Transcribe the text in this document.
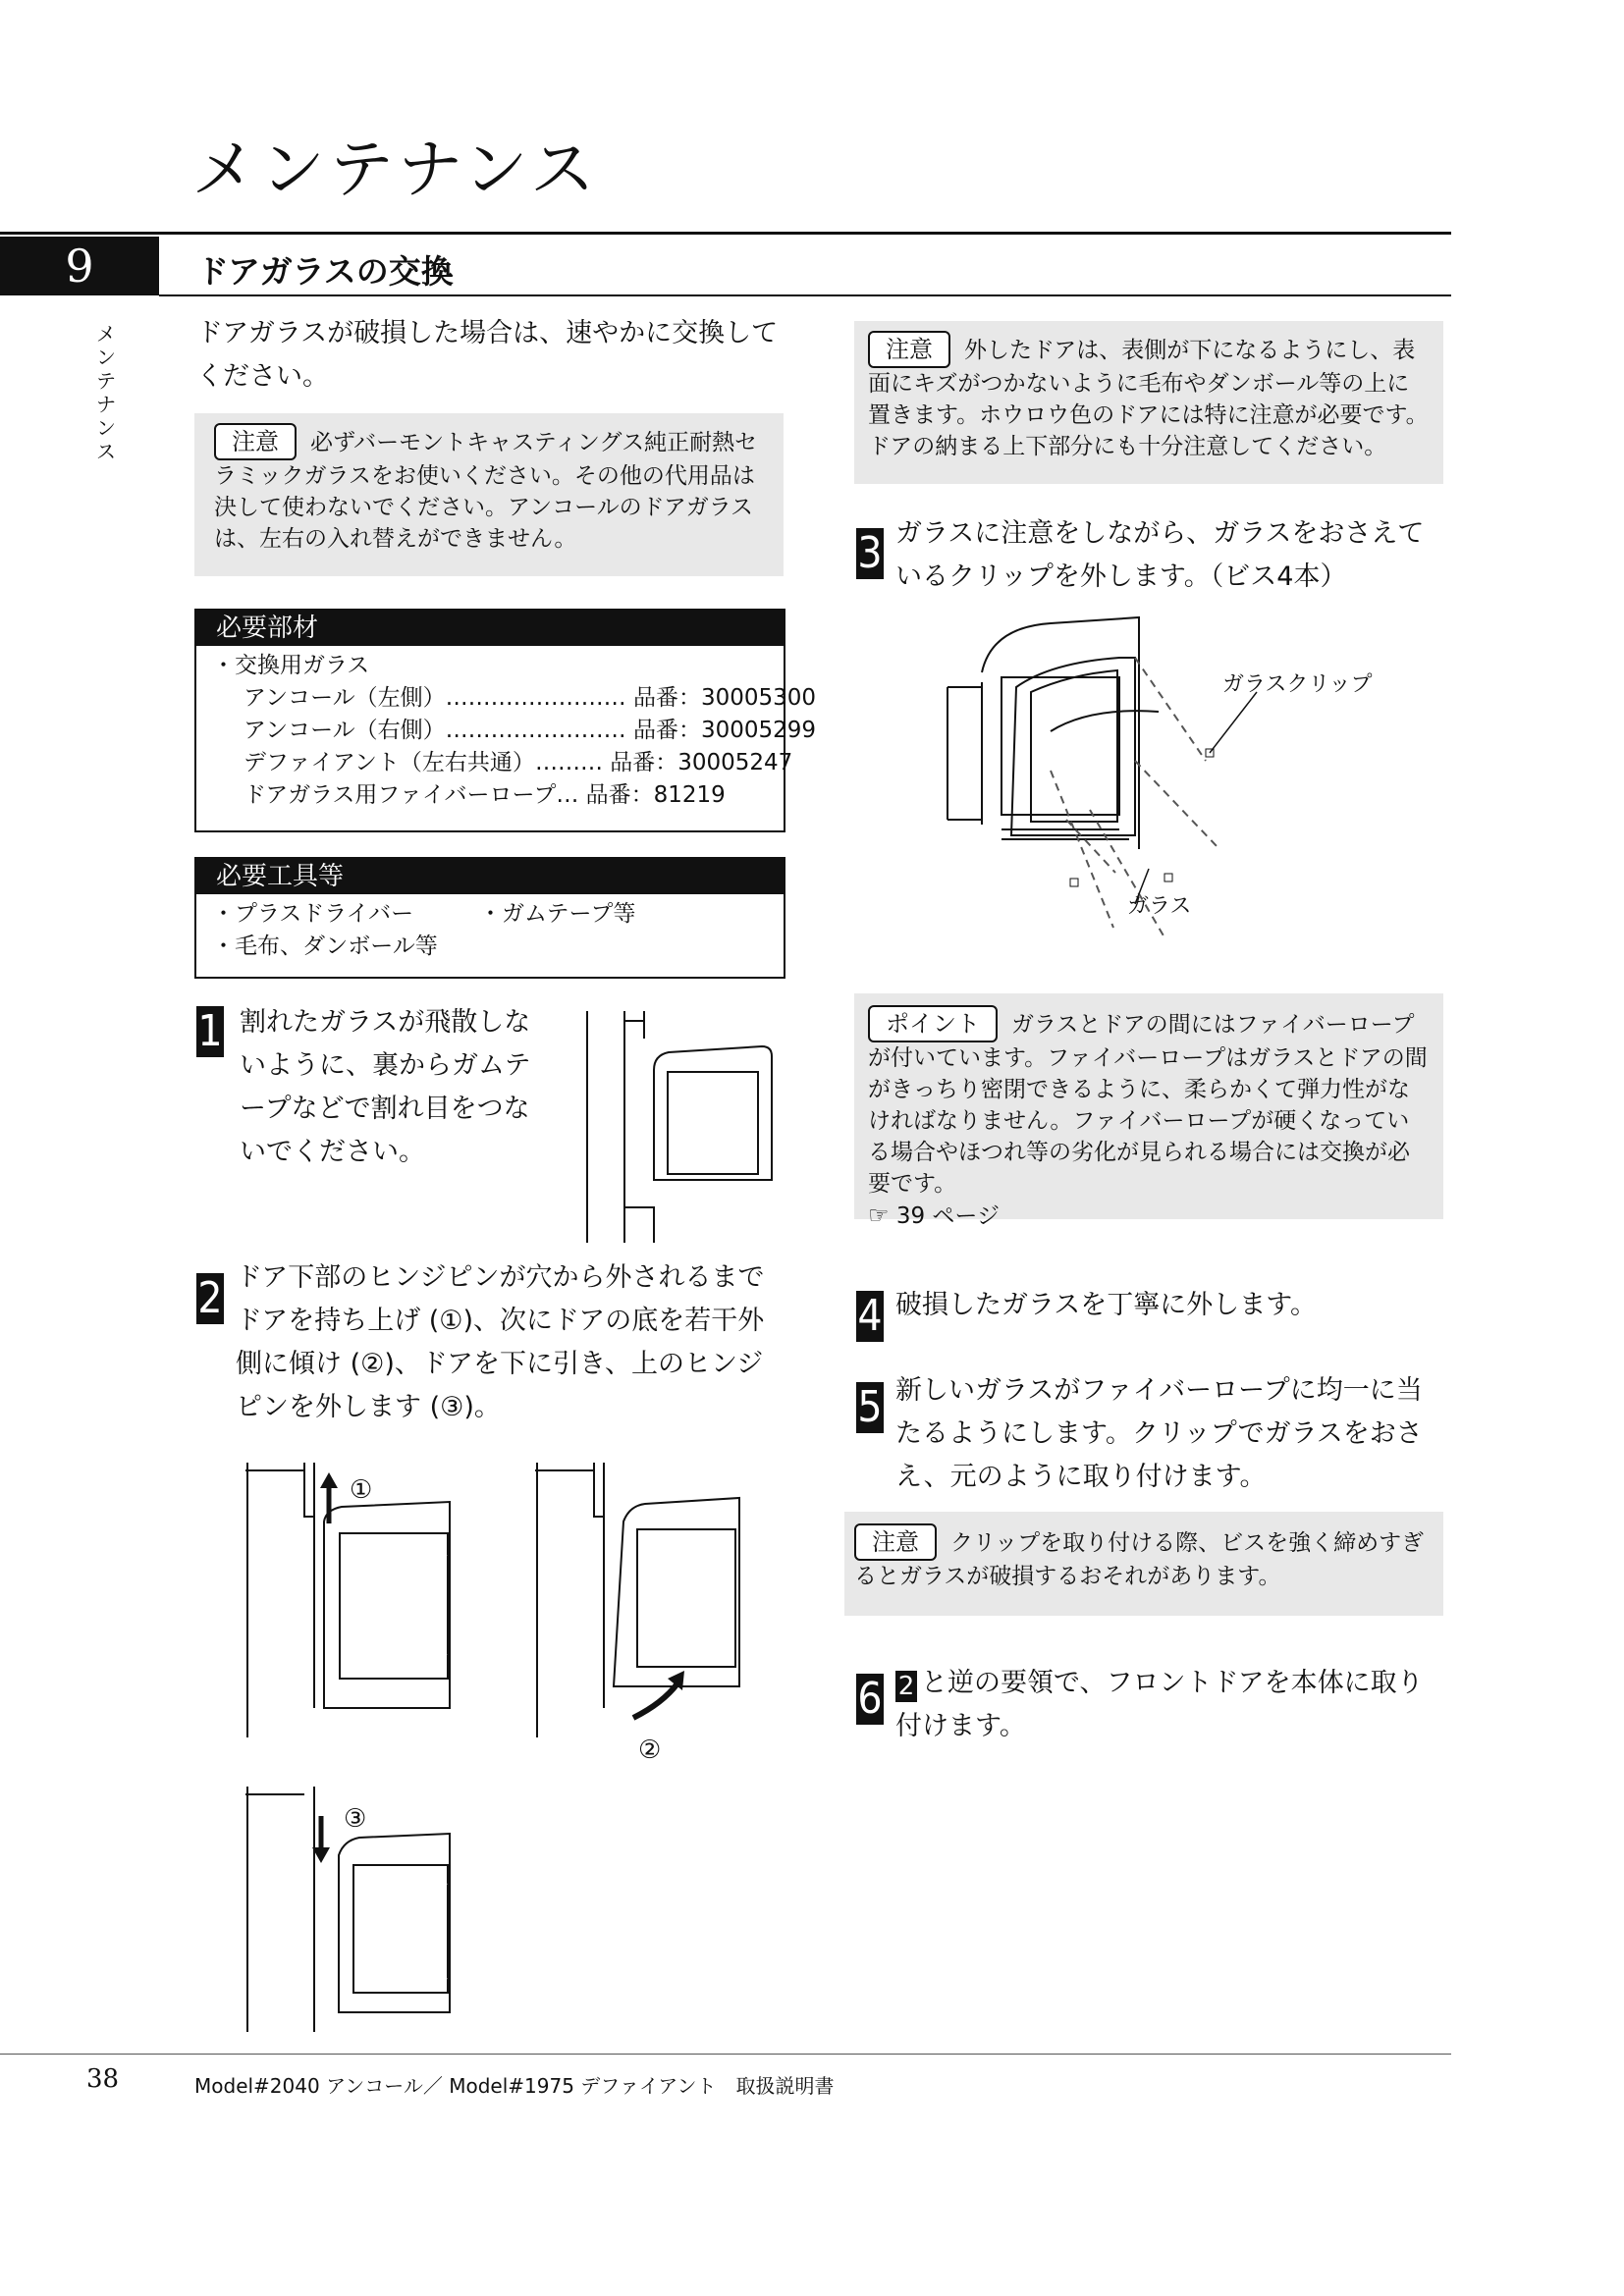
メンテナンス
9	ドアガラスの交換
メンテナンス
ドアガラスが破損した場合は、速やかに交換してください。
注意 必ずバーモントキャスティングス純正耐熱セラミックガラスをお使いください。その他の代用品は決して使わないでください。アンコールのドアガラスは、左右の入れ替えができません。
必要部材
・交換用ガラス
アンコール（左側）…………………… 品番：30005300
アンコール（右側）…………………… 品番：30005299
デファイアント（左右共通）……… 品番：30005247
ドアガラス用ファイバーロープ… 品番：81219
必要工具等
・プラスドライバー	・ガムテープ等
・毛布、ダンボール等
1 割れたガラスが飛散しないように、裏からガムテープなどで割れ目をつないでください。
2 ドア下部のヒンジピンが穴から外されるまでドアを持ち上げ (①)、次にドアの底を若干外側に傾け (②)、ドアを下に引き、上のヒンジピンを外します (③)。
①
②
③
注意 外したドアは、表側が下になるようにし、表面にキズがつかないように毛布やダンボール等の上に置きます。ホウロウ色のドアには特に注意が必要です。ドアの納まる上下部分にも十分注意してください。
3 ガラスに注意をしながら、ガラスをおさえているクリップを外します。（ビス4本）
ガラスクリップ
ガラス
ポイント ガラスとドアの間にはファイバーロープが付いています。ファイバーロープはガラスとドアの間がきっちり密閉できるように、柔らかくて弾力性がなければなりません。ファイバーロープが硬くなっている場合やほつれ等の劣化が見られる場合には交換が必要です。
☞ 39 ページ
4 破損したガラスを丁寧に外します。
5 新しいガラスがファイバーロープに均一に当たるようにします。クリップでガラスをおさえ、元のように取り付けます。
注意 クリップを取り付ける際、ビスを強く締めすぎるとガラスが破損するおそれがあります。
6 2 と逆の要領で、フロントドアを本体に取り付けます。
38	Model#2040 アンコール／ Model#1975 デファイアント　取扱説明書
